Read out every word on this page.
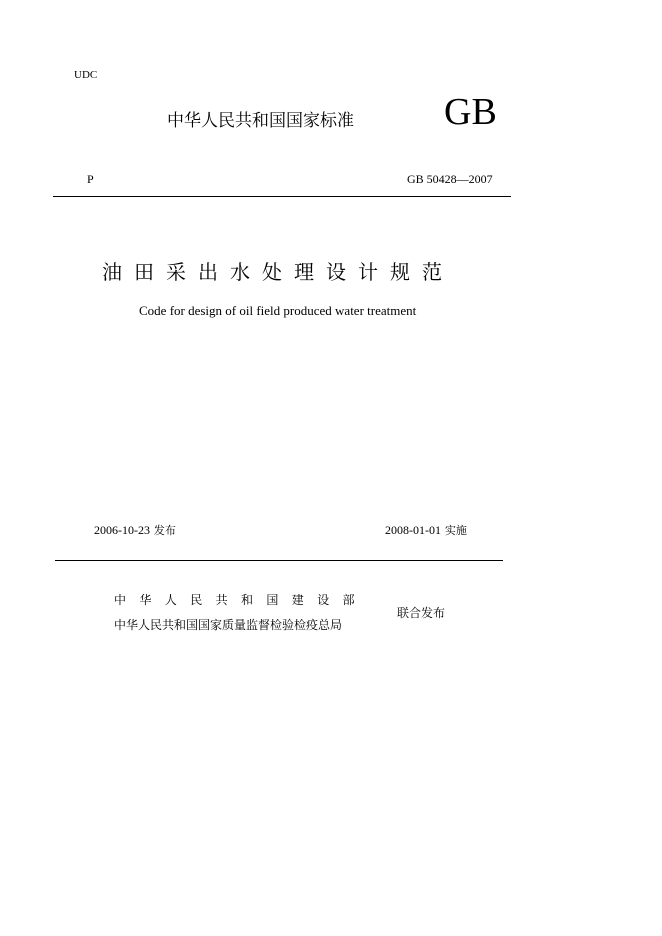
UDC
中华人民共和国国家标准 GB
P	GB 50428—2007
油田采出水处理设计规范
Code for design of oil field produced water treatment
2006-10-23 发布	2008-01-01 实施
中华人民共和国建设部
中华人民共和国国家质量监督检验检疫总局
联合发布
